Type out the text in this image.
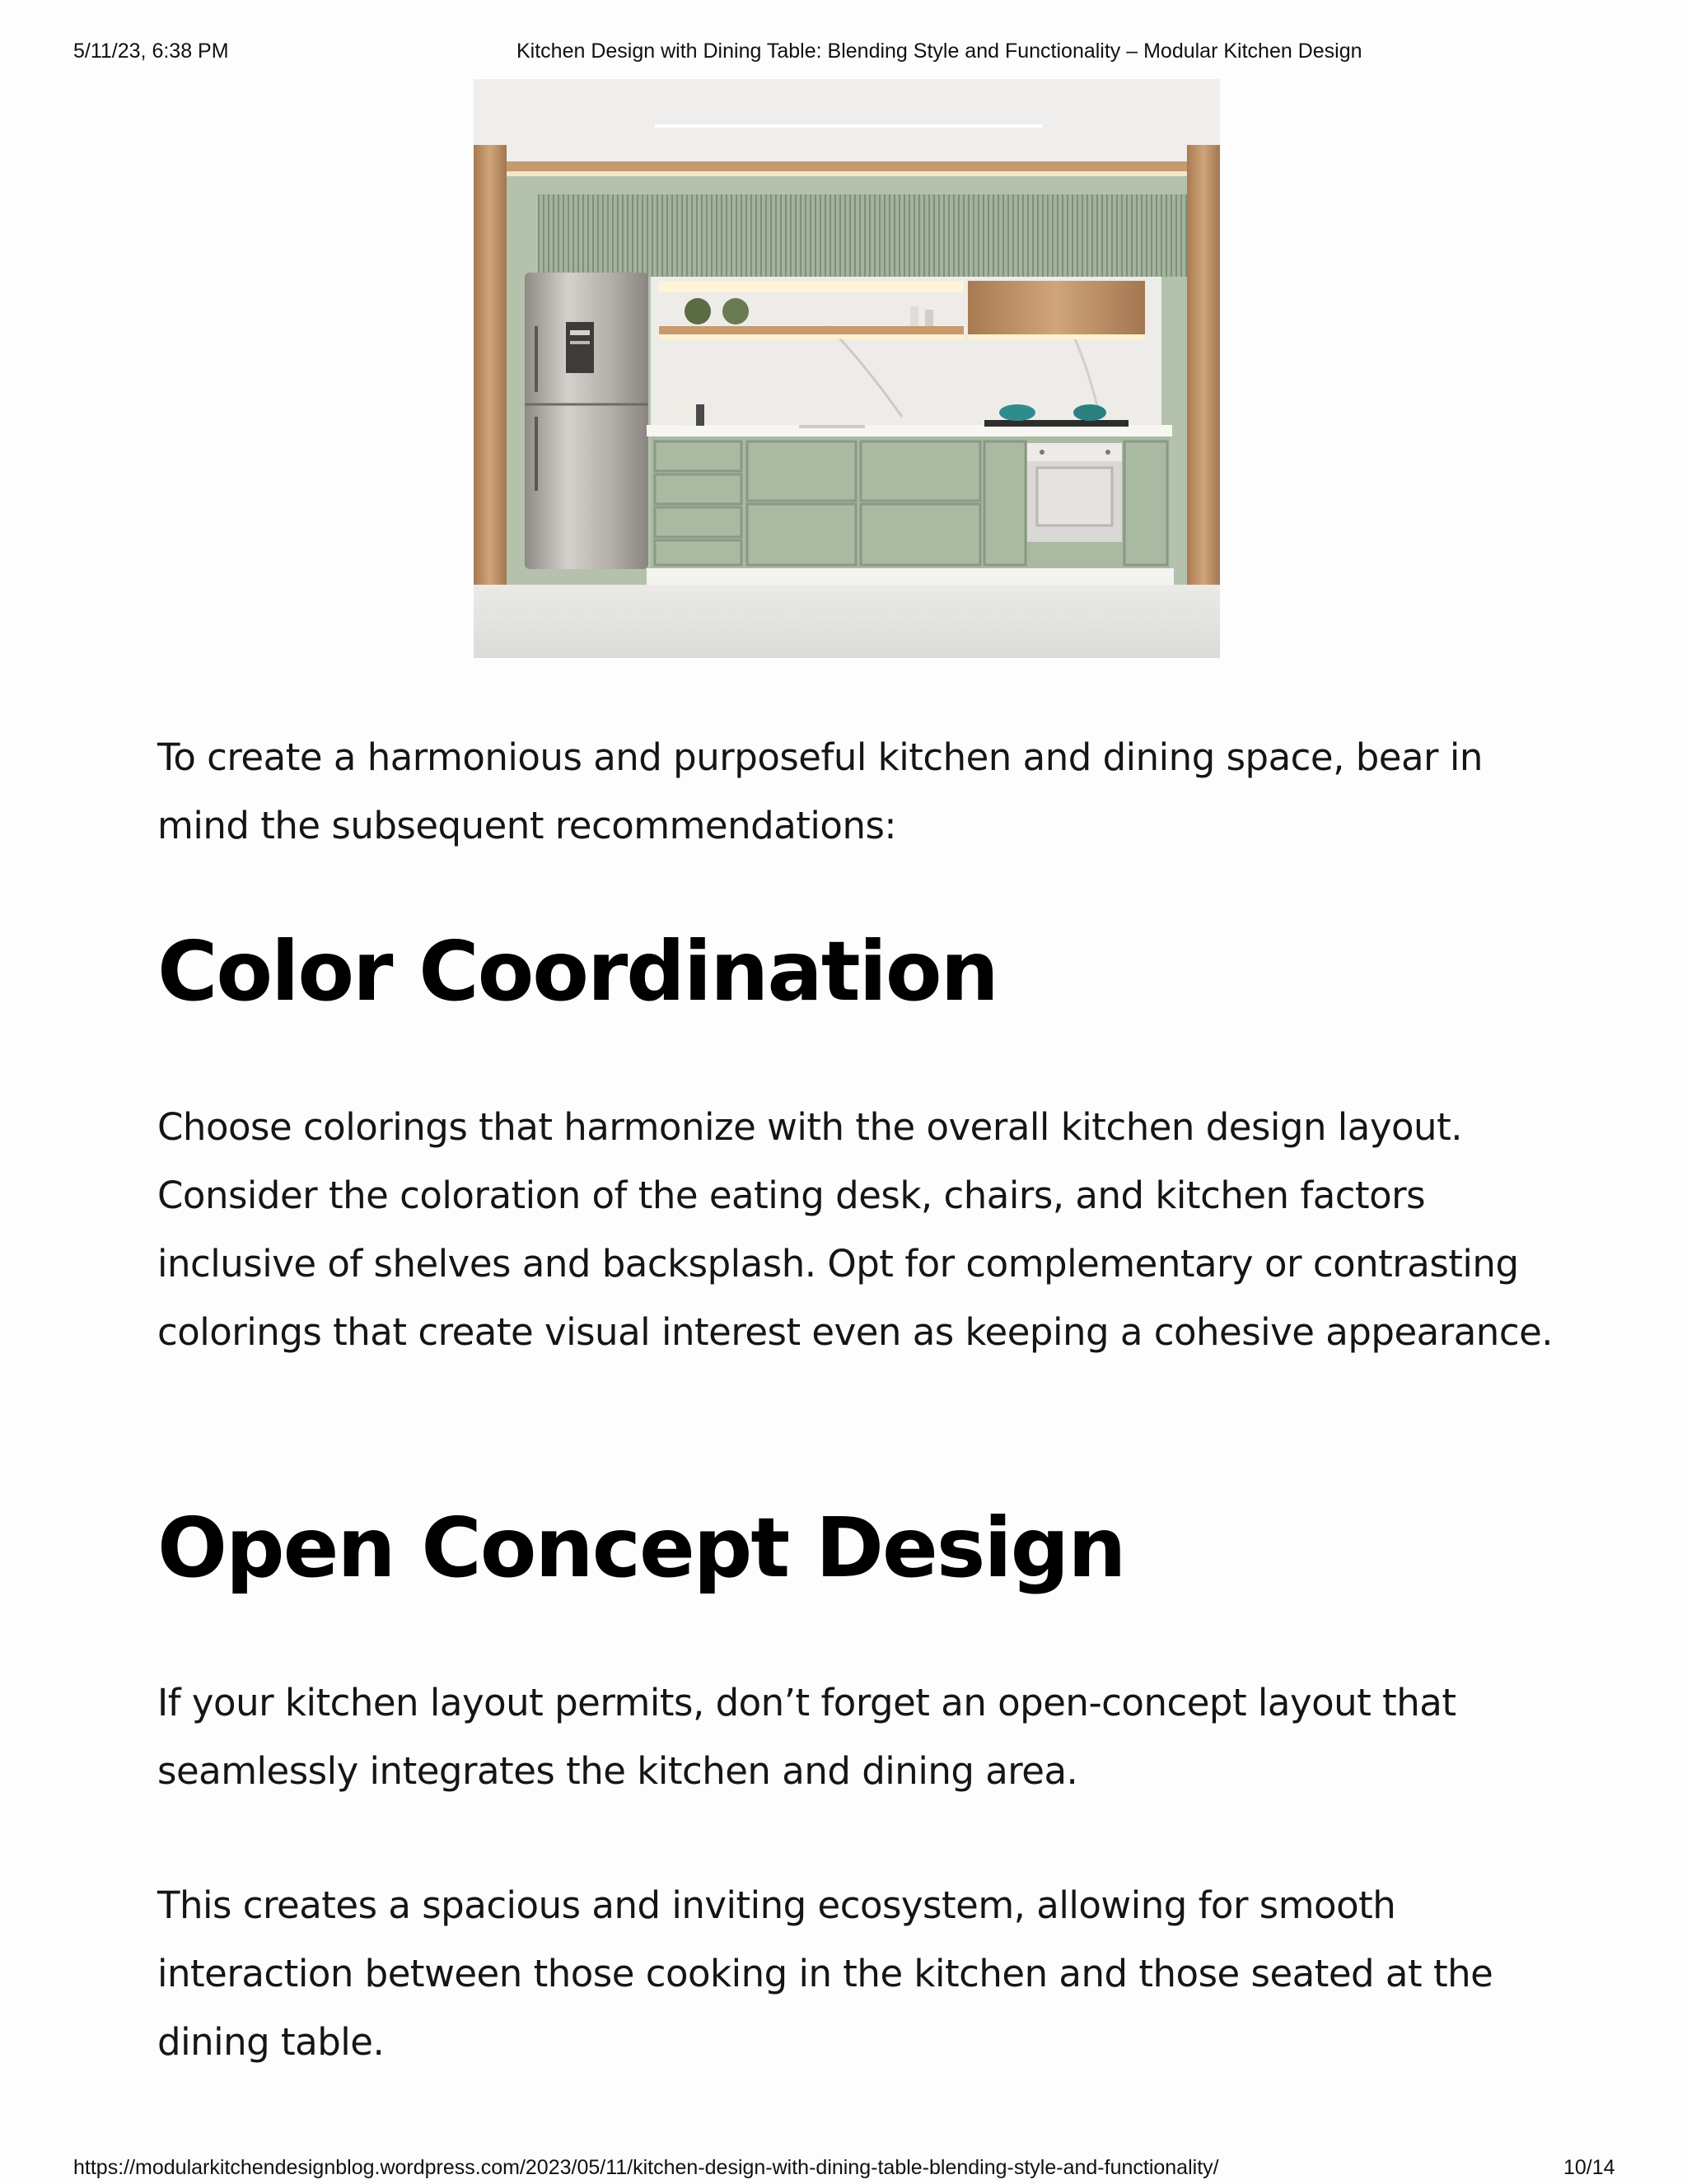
5/11/23, 6:38 PM	Kitchen Design with Dining Table: Blending Style and Functionality – Modular Kitchen Design

To create a harmonious and purposeful kitchen and dining space, bear in mind the subsequent recommendations:

Color Coordination

Choose colorings that harmonize with the overall kitchen design layout. Consider the coloration of the eating desk, chairs, and kitchen factors inclusive of shelves and backsplash. Opt for complementary or contrasting colorings that create visual interest even as keeping a cohesive appearance.

Open Concept Design

If your kitchen layout permits, don’t forget an open-concept layout that seamlessly integrates the kitchen and dining area.

This creates a spacious and inviting ecosystem, allowing for smooth interaction between those cooking in the kitchen and those seated at the dining table.

https://modularkitchendesignblog.wordpress.com/2023/05/11/kitchen-design-with-dining-table-blending-style-and-functionality/	10/14
